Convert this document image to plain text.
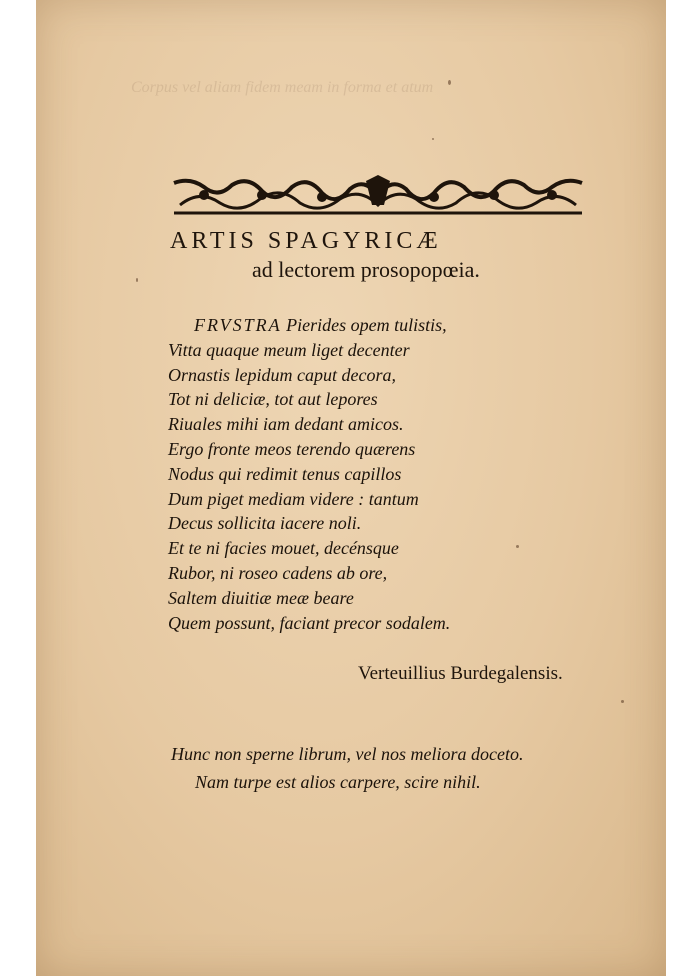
Corpus vel aliam fidem meam in forma et atum
ARTIS SPAGYRICÆ
ad lectorem prosopopœia.
FRVSTRA Pierides opem tulistis,
Vitta quaque meum liget decenter
Ornastis lepidum caput decora,
Tot ni deliciæ, tot aut lepores
Riuales mihi iam dedant amicos.
Ergo fronte meos terendo quærens
Nodus qui redimit tenus capillos
Dum piget mediam videre : tantum
Decus sollicita iacere noli.
Et te ni facies mouet, decénsque
Rubor, ni roseo cadens ab ore,
Saltem diuitiæ meæ beare
Quem possunt, faciant precor sodalem.
Verteuillius Burdegalensis.
Hunc non sperne librum, vel nos meliora doceto.
Nam turpe est alios carpere, scire nihil.
